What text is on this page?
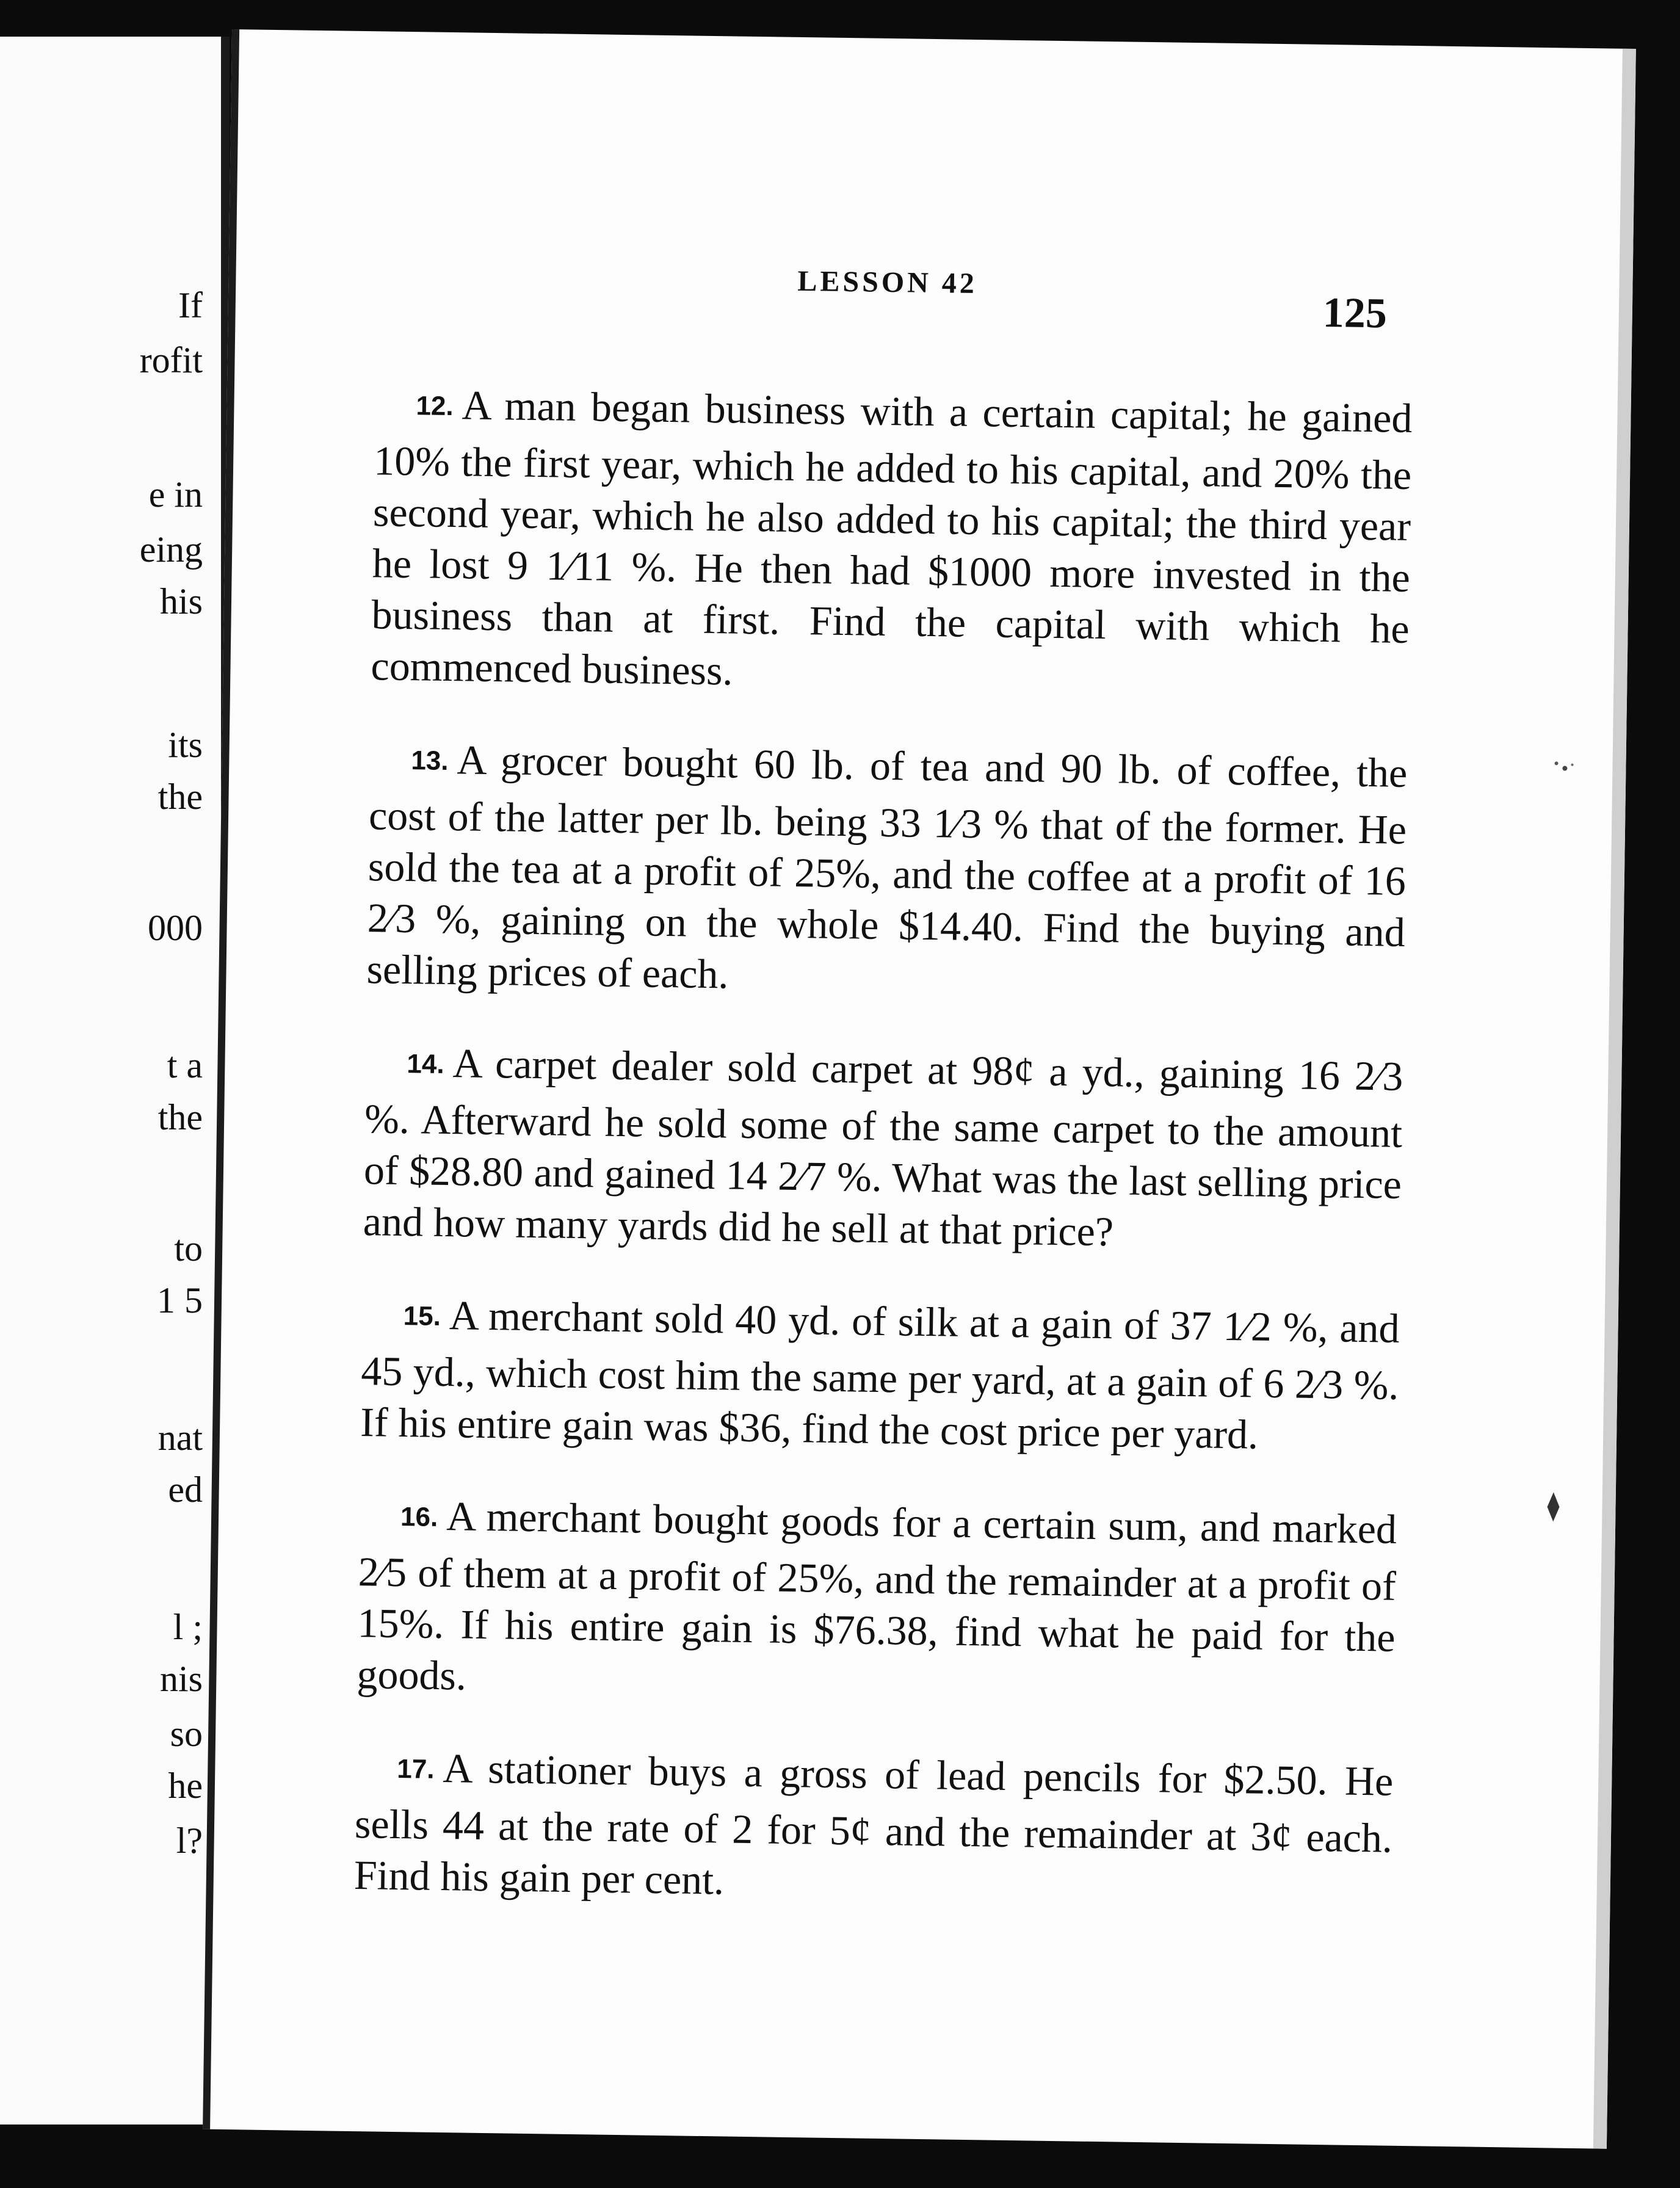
If
rofit
e in
eing
his
its
the
000
t a
the
to
1 5
nat
ed
l ;
nis
so
he
l?
LESSON 42
125

12. A man began business with a certain capital; he gained 10% the first year, which he added to his capital, and 20% the second year, which he also added to his capital; the third year he lost 9 1⁄11 %. He then had $1000 more invested in the business than at first. Find the capital with which he commenced business.

13. A grocer bought 60 lb. of tea and 90 lb. of coffee, the cost of the latter per lb. being 33 1⁄3 % that of the former. He sold the tea at a profit of 25%, and the coffee at a profit of 16 2⁄3 %, gaining on the whole $14.40. Find the buying and selling prices of each.

14. A carpet dealer sold carpet at 98¢ a yd., gaining 16 2⁄3 %. Afterward he sold some of the same carpet to the amount of $28.80 and gained 14 2⁄7 %. What was the last selling price and how many yards did he sell at that price?

15. A merchant sold 40 yd. of silk at a gain of 37 1⁄2 %, and 45 yd., which cost him the same per yard, at a gain of 6 2⁄3 %. If his entire gain was $36, find the cost price per yard.

16. A merchant bought goods for a certain sum, and marked 2⁄5 of them at a profit of 25%, and the remainder at a profit of 15%. If his entire gain is $76.38, find what he paid for the goods.

17. A stationer buys a gross of lead pencils for $2.50. He sells 44 at the rate of 2 for 5¢ and the remainder at 3¢ each. Find his gain per cent.
